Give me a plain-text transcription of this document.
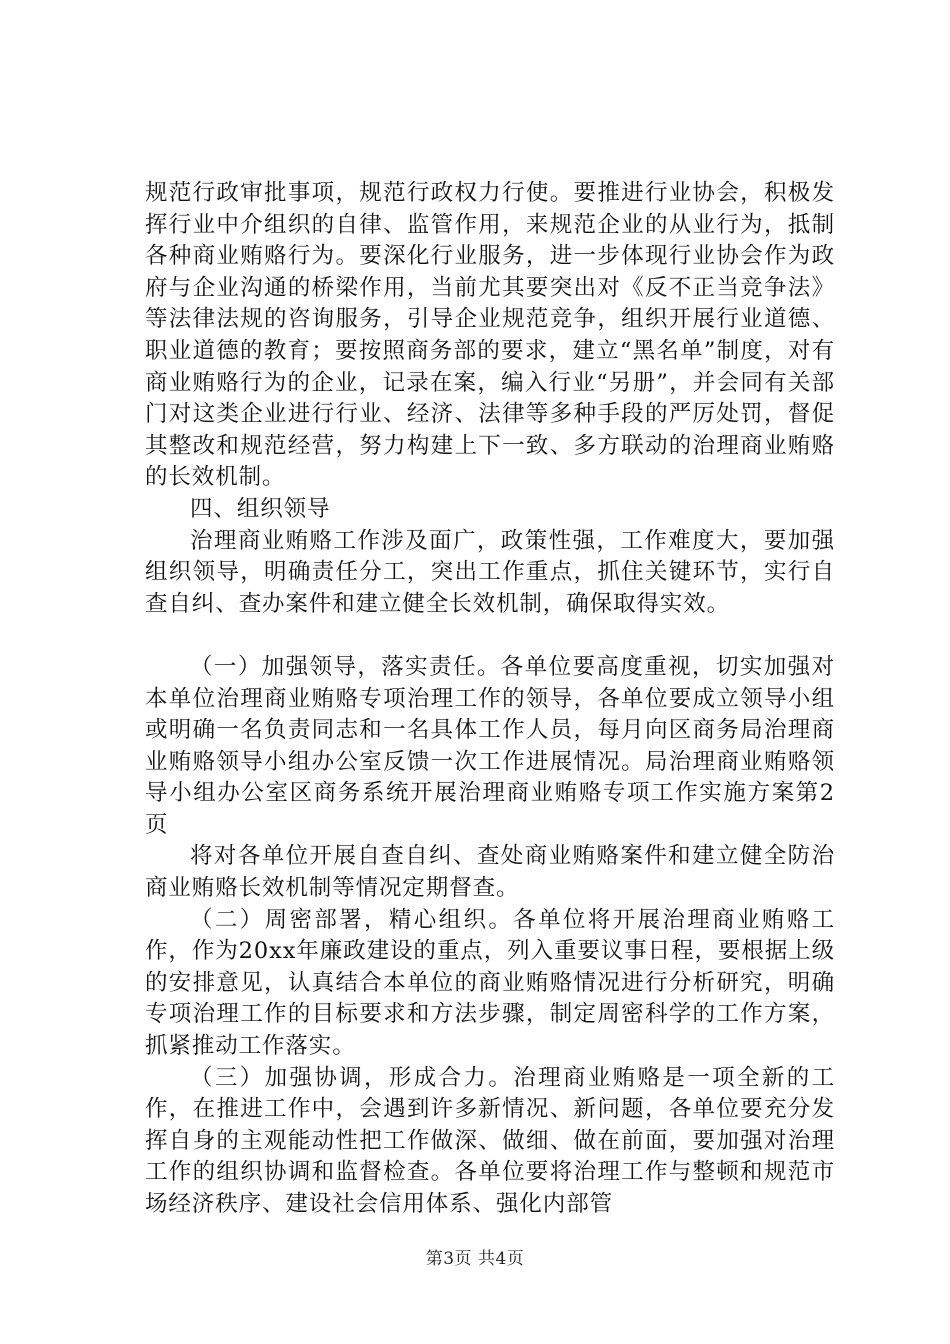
规范行政审批事项，规范行政权力行使。要推进行业协会，积极发挥行业中介组织的自律、监管作用，来规范企业的从业行为，抵制各种商业贿赂行为。要深化行业服务，进一步体现行业协会作为政府与企业沟通的桥梁作用，当前尤其要突出对《反不正当竞争法》等法律法规的咨询服务，引导企业规范竞争，组织开展行业道德、职业道德的教育；要按照商务部的要求，建立“黑名单”制度，对有商业贿赂行为的企业，记录在案，编入行业“另册”，并会同有关部门对这类企业进行行业、经济、法律等多种手段的严厉处罚，督促其整改和规范经营，努力构建上下一致、多方联动的治理商业贿赂的长效机制。

四、组织领导

治理商业贿赂工作涉及面广，政策性强，工作难度大，要加强组织领导，明确责任分工，突出工作重点，抓住关键环节，实行自查自纠、查办案件和建立健全长效机制，确保取得实效。

（一）加强领导，落实责任。各单位要高度重视，切实加强对本单位治理商业贿赂专项治理工作的领导，各单位要成立领导小组或明确一名负责同志和一名具体工作人员，每月向区商务局治理商业贿赂领导小组办公室反馈一次工作进展情况。局治理商业贿赂领导小组办公室区商务系统开展治理商业贿赂专项工作实施方案第2页

将对各单位开展自查自纠、查处商业贿赂案件和建立健全防治商业贿赂长效机制等情况定期督查。

（二）周密部署，精心组织。各单位将开展治理商业贿赂工作，作为20xx年廉政建设的重点，列入重要议事日程，要根据上级的安排意见，认真结合本单位的商业贿赂情况进行分析研究，明确专项治理工作的目标要求和方法步骤，制定周密科学的工作方案，抓紧推动工作落实。

（三）加强协调，形成合力。治理商业贿赂是一项全新的工作，在推进工作中，会遇到许多新情况、新问题，各单位要充分发挥自身的主观能动性把工作做深、做细、做在前面，要加强对治理工作的组织协调和监督检查。各单位要将治理工作与整顿和规范市场经济秩序、建设社会信用体系、强化内部管

第3页 共4页
